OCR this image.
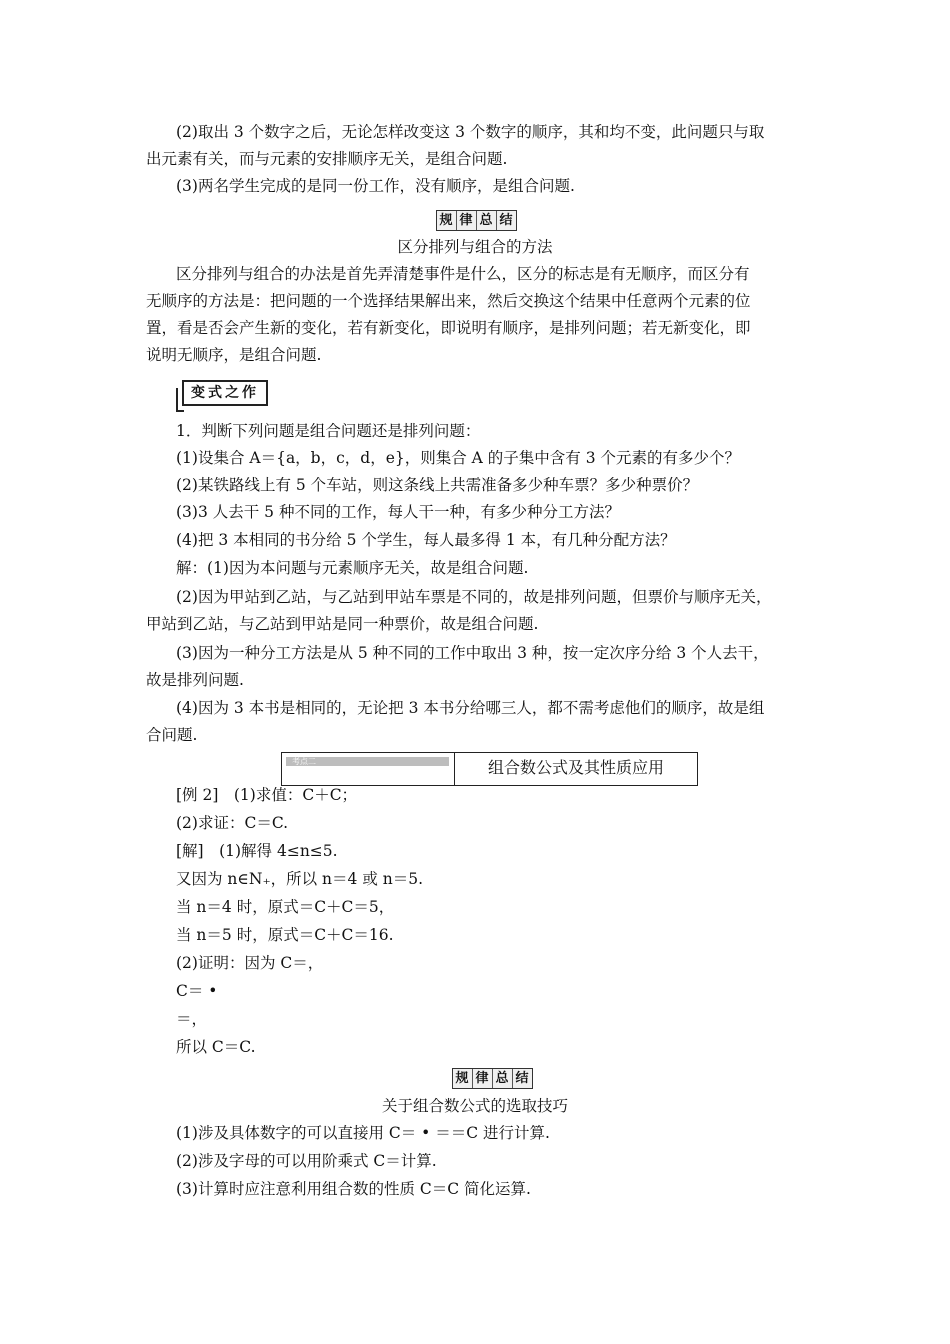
(2)取出 3 个数字之后，无论怎样改变这 3 个数字的顺序，其和均不变，此问题只与取
出元素有关，而与元素的安排顺序无关，是组合问题.
(3)两名学生完成的是同一份工作，没有顺序，是组合问题.
规 律 总 结
区分排列与组合的方法
区分排列与组合的办法是首先弄清楚事件是什么，区分的标志是有无顺序，而区分有
无顺序的方法是：把问题的一个选择结果解出来，然后交换这个结果中任意两个元素的位
置，看是否会产生新的变化，若有新变化，即说明有顺序，是排列问题；若无新变化，即
说明无顺序，是组合问题.
变式之作
1．判断下列问题是组合问题还是排列问题：
(1)设集合 A＝{a，b，c，d，e}，则集合 A 的子集中含有 3 个元素的有多少个？
(2)某铁路线上有 5 个车站，则这条线上共需准备多少种车票？多少种票价？
(3)3 人去干 5 种不同的工作，每人干一种，有多少种分工方法？
(4)把 3 本相同的书分给 5 个学生，每人最多得 1 本，有几种分配方法？
解：(1)因为本问题与元素顺序无关，故是组合问题.
(2)因为甲站到乙站，与乙站到甲站车票是不同的，故是排列问题，但票价与顺序无关，
甲站到乙站，与乙站到甲站是同一种票价，故是组合问题.
(3)因为一种分工方法是从 5 种不同的工作中取出 3 种，按一定次序分给 3 个人去干，
故是排列问题.
(4)因为 3 本书是相同的，无论把 3 本书分给哪三人，都不需考虑他们的顺序，故是组
合问题.
考点二	组合数公式及其性质应用
[例 2]　(1)求值：C＋C；
(2)求证：C＝C.
[解]　(1)解得 4≤n≤5.
又因为 n∈N₊，所以 n＝4 或 n＝5.
当 n＝4 时，原式＝C＋C＝5，
当 n＝5 时，原式＝C＋C＝16.
(2)证明：因为 C＝，
C＝ •
＝，
所以 C＝C.
规 律 总 结
关于组合数公式的选取技巧
(1)涉及具体数字的可以直接用 C＝ • ＝＝C 进行计算.
(2)涉及字母的可以用阶乘式 C＝计算.
(3)计算时应注意利用组合数的性质 C＝C 简化运算.
